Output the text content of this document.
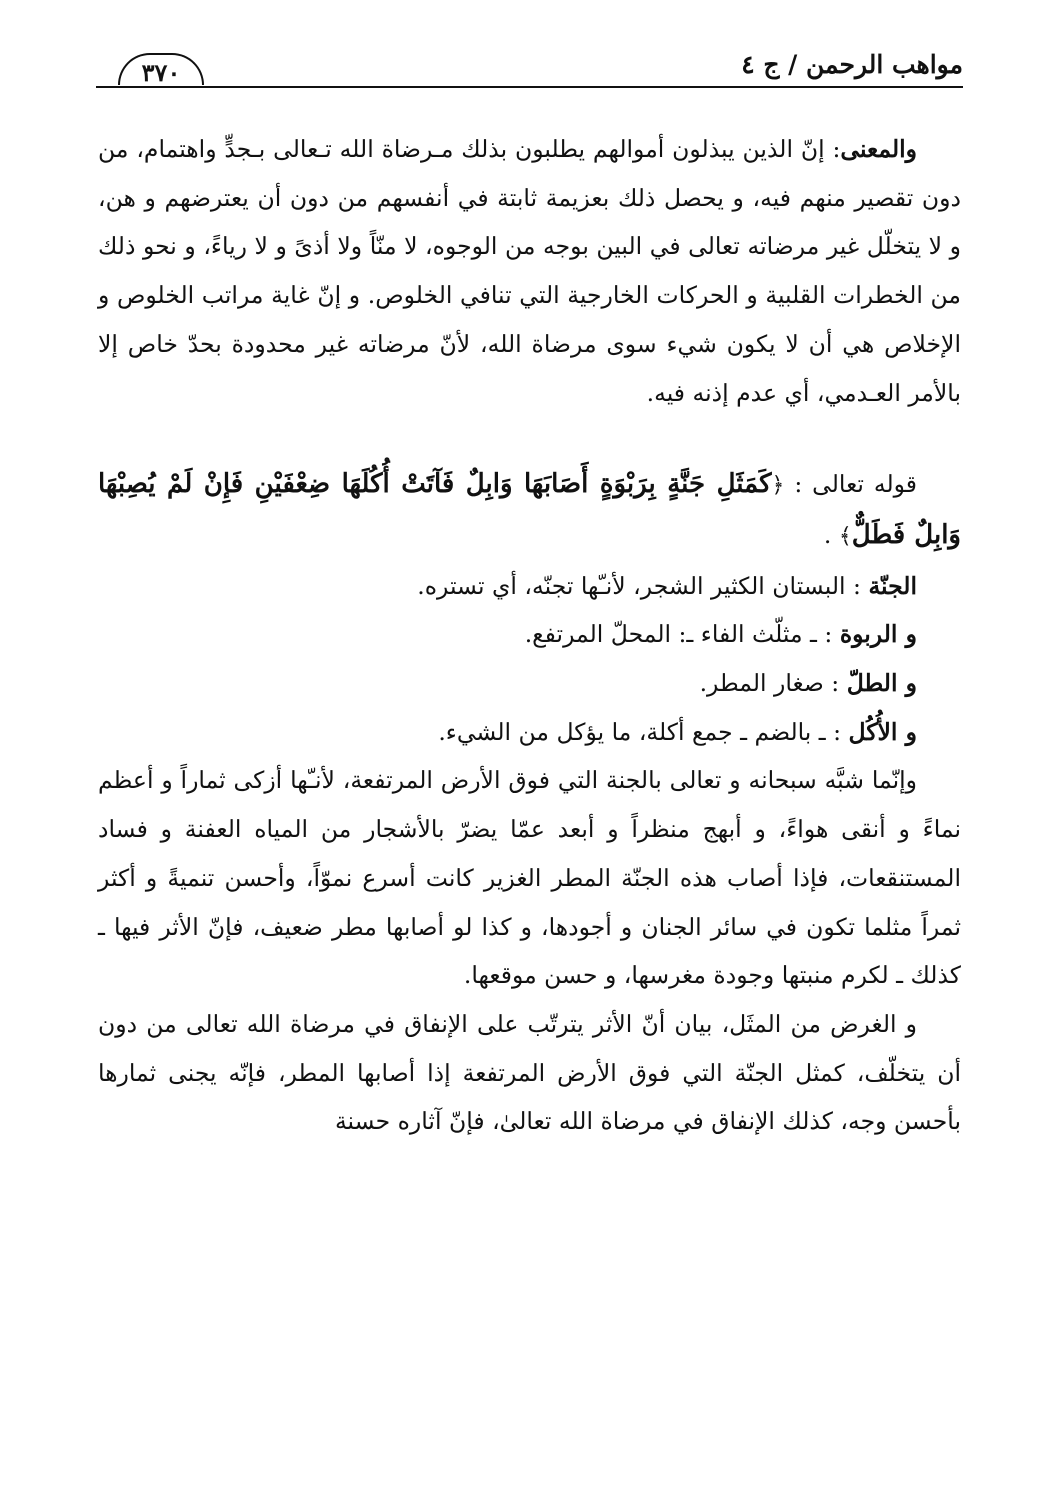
مواهب الرحمن / ج ٤
٣٧٠

والمعنى: إنّ الذين يبذلون أموالهم يطلبون بذلك مـرضاة الله تـعالى بـجدٍّ واهتمام، من دون تقصير منهم فيه، و يحصل ذلك بعزيمة ثابتة في أنفسهم من دون أن يعترضهم و هن، و لا يتخلّل غير مرضاته تعالى في البين بوجه من الوجوه، لا منّاً ولا أذىً و لا رياءً، و نحو ذلك من الخطرات القلبية و الحركات الخارجية التي تنافي الخلوص. و إنّ غاية مراتب الخلوص و الإخلاص هي أن لا يكون شيء سوى مرضاة الله، لأنّ مرضاته غير محدودة بحدّ خاص إلا بالأمر العـدمي، أي عدم إذنه فيه.

قوله تعالى : ﴿كَمَثَلِ جَنَّةٍ بِرَبْوَةٍ أَصَابَهَا وَابِلٌ فَآتَتْ أُكُلَهَا ضِعْفَيْنِ فَإِنْ لَمْ يُصِبْهَا وَابِلٌ فَطَلٌّ﴾ .

الجنّة : البستان الكثير الشجر، لأنـّها تجنّه، أي تستره.

و الربوة : ـ مثلّث الفاء ـ: المحلّ المرتفع.

و الطلّ : صغار المطر.

و الأُكُل : ـ بالضم ـ جمع أكلة، ما يؤكل من الشيء.

وإنّما شبَّه سبحانه و تعالى بالجنة التي فوق الأرض المرتفعة، لأنـّها أزكى ثماراً و أعظم نماءً و أنقى هواءً، و أبهج منظراً و أبعد عمّا يضرّ بالأشجار من المياه العفنة و فساد المستنقعات، فإذا أصاب هذه الجنّة المطر الغزير كانت أسرع نموّاً، وأحسن تنميةً و أكثر ثمراً مثلما تكون في سائر الجنان و أجودها، و كذا لو أصابها مطر ضعيف، فإنّ الأثر فيها ـ كذلك ـ لكرم منبتها وجودة مغرسها، و حسن موقعها.

و الغرض من المثَل، بيان أنّ الأثر يترتّب على الإنفاق في مرضاة الله تعالى من دون أن يتخلّف، كمثل الجنّة التي فوق الأرض المرتفعة إذا أصابها المطر، فإنّه يجنى ثمارها بأحسن وجه، كذلك الإنفاق في مرضاة الله تعالىٰ، فإنّ آثاره حسنة
